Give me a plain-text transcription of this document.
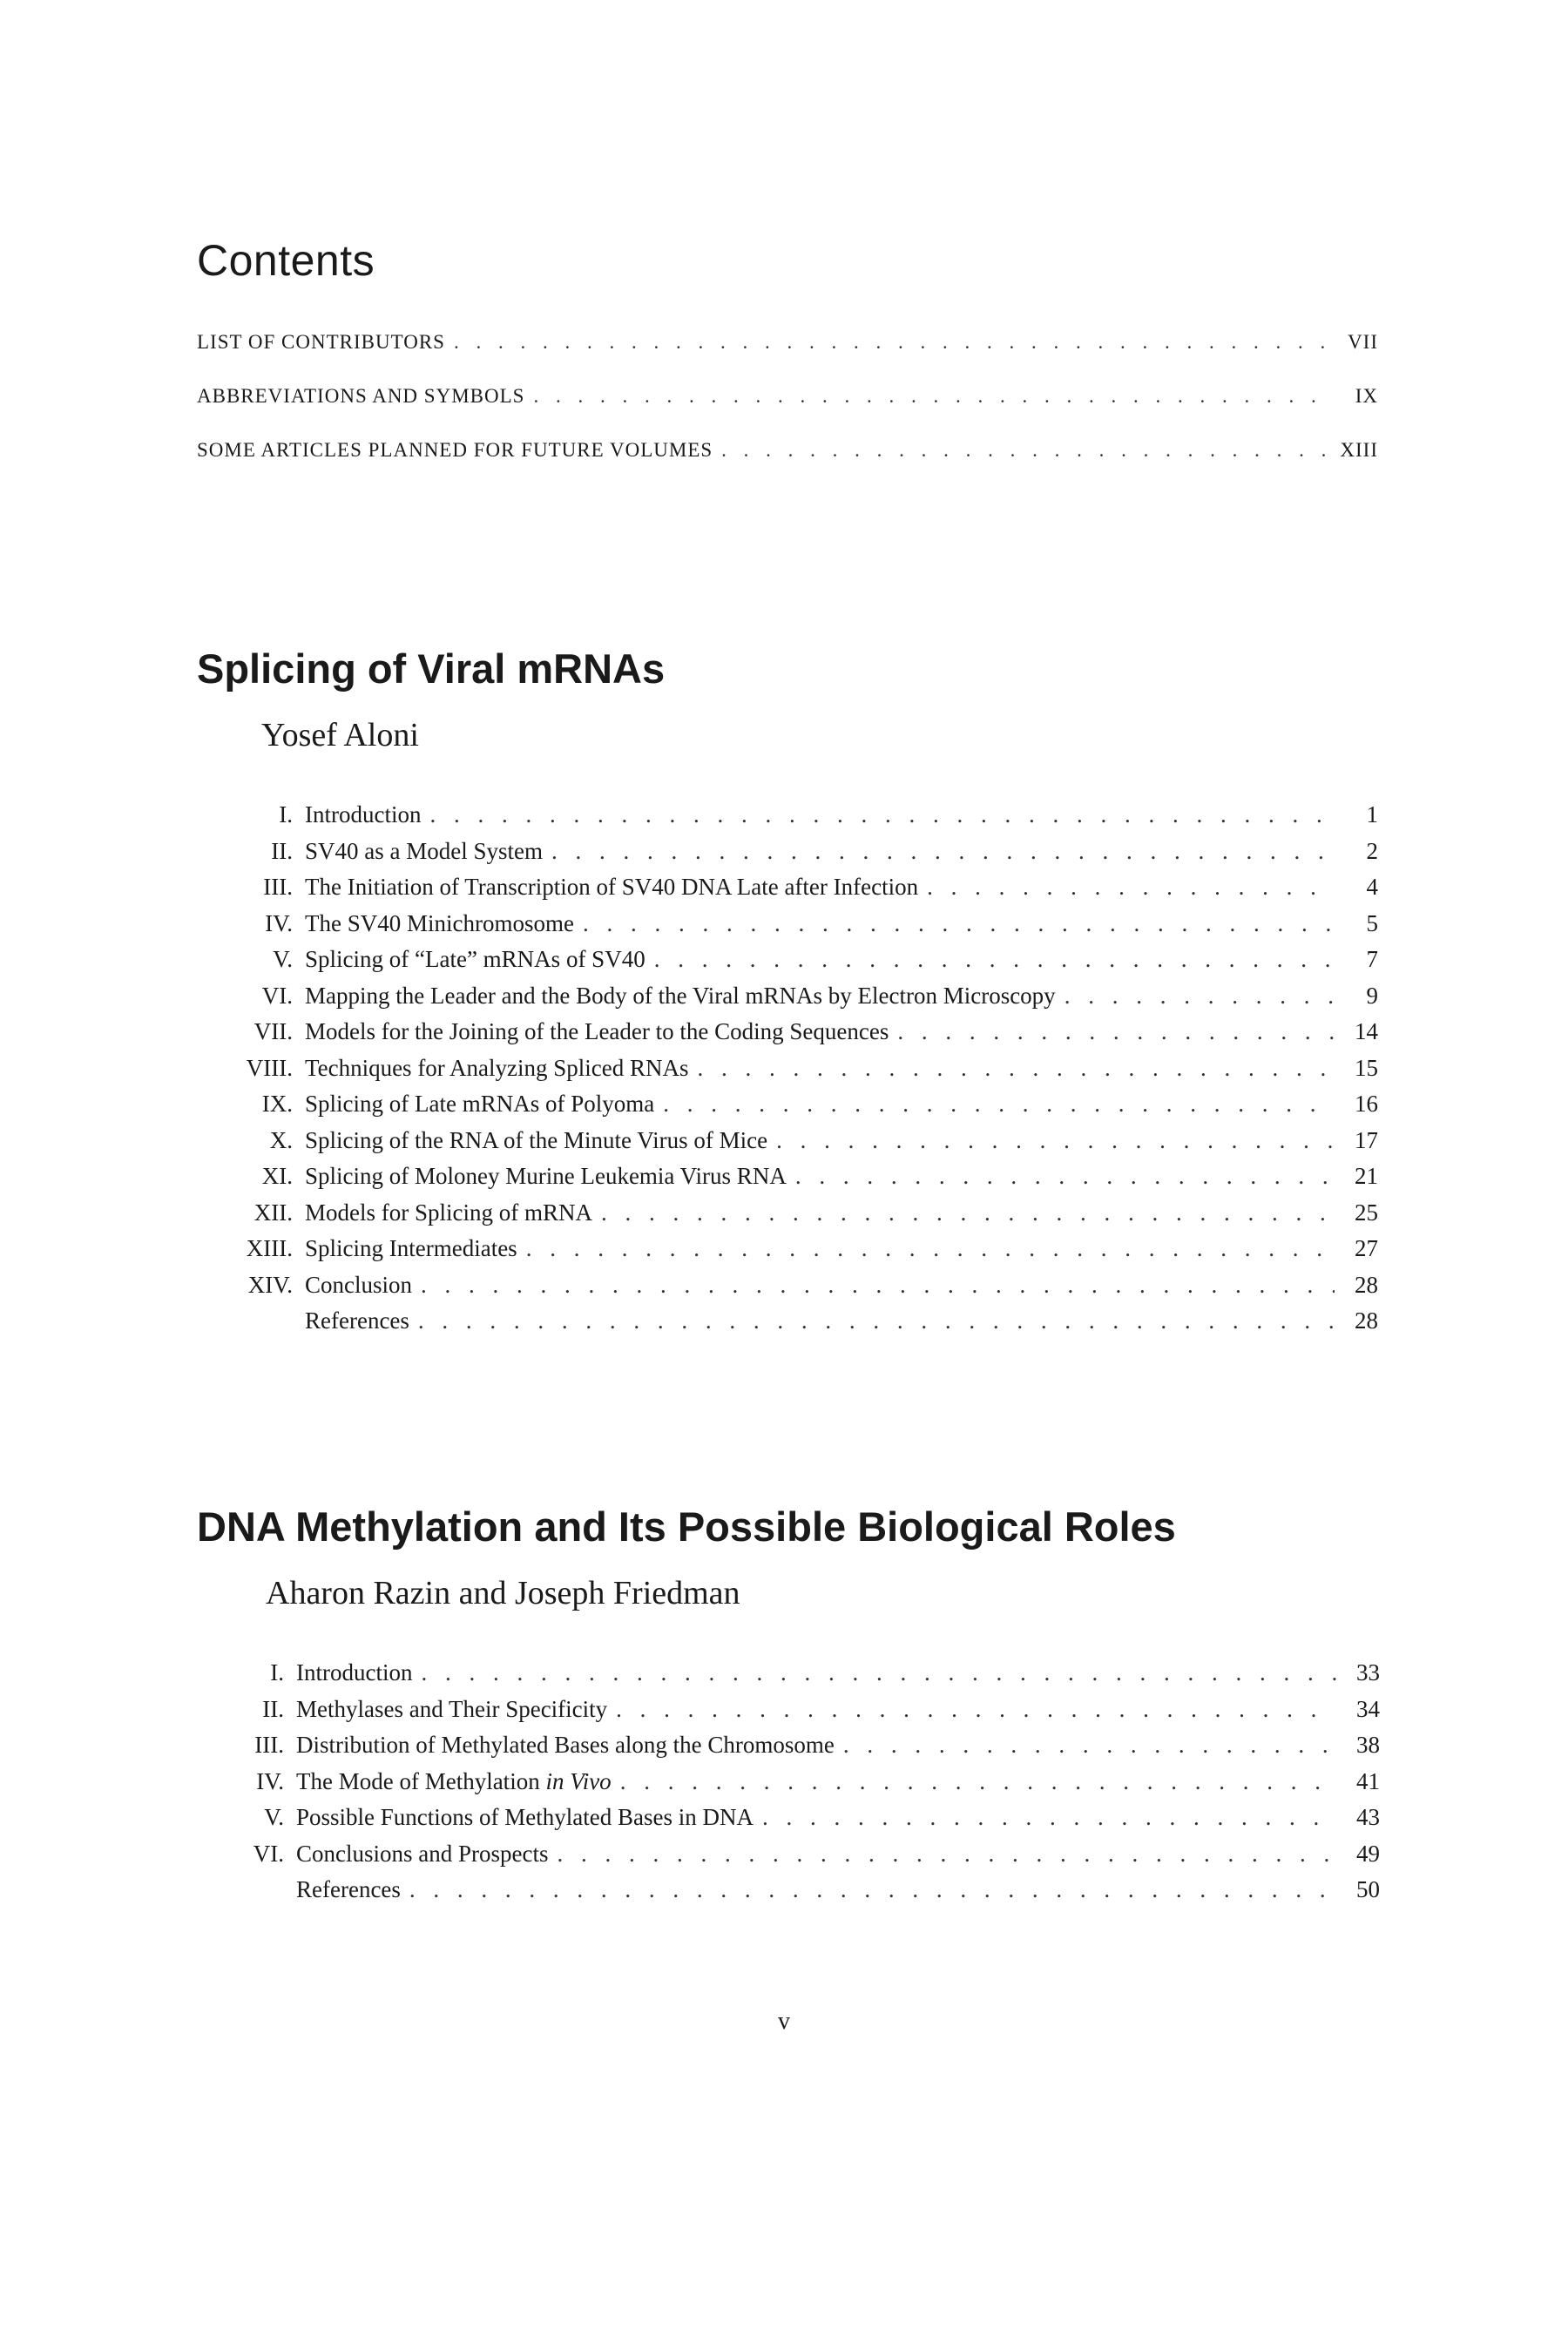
Contents
LIST OF CONTRIBUTORS . . .	VII
ABBREVIATIONS AND SYMBOLS . . .	IX
SOME ARTICLES PLANNED FOR FUTURE VOLUMES . . .	XIII
Splicing of Viral mRNAs

Yosef Aloni

I. Introduction . . .	1
II. SV40 as a Model System . . .	2
III. The Initiation of Transcription of SV40 DNA Late after Infection . . .	4
IV. The SV40 Minichromosome . . .	5
V. Splicing of “Late” mRNAs of SV40 . . .	7
VI. Mapping the Leader and the Body of the Viral mRNAs by Electron Microscopy . . .	9
VII. Models for the Joining of the Leader to the Coding Sequences . . .	14
VIII. Techniques for Analyzing Spliced RNAs . . .	15
IX. Splicing of Late mRNAs of Polyoma . . .	16
X. Splicing of the RNA of the Minute Virus of Mice . . .	17
XI. Splicing of Moloney Murine Leukemia Virus RNA . . .	21
XII. Models for Splicing of mRNA . . .	25
XIII. Splicing Intermediates . . .	27
XIV. Conclusion . . .	28
References . . .	28
DNA Methylation and Its Possible Biological Roles

Aharon Razin and Joseph Friedman

I. Introduction . . .	33
II. Methylases and Their Specificity . . .	34
III. Distribution of Methylated Bases along the Chromosome . . .	38
IV. The Mode of Methylation in Vivo . . .	41
V. Possible Functions of Methylated Bases in DNA . . .	43
VI. Conclusions and Prospects . . .	49
References . . .	50

v
